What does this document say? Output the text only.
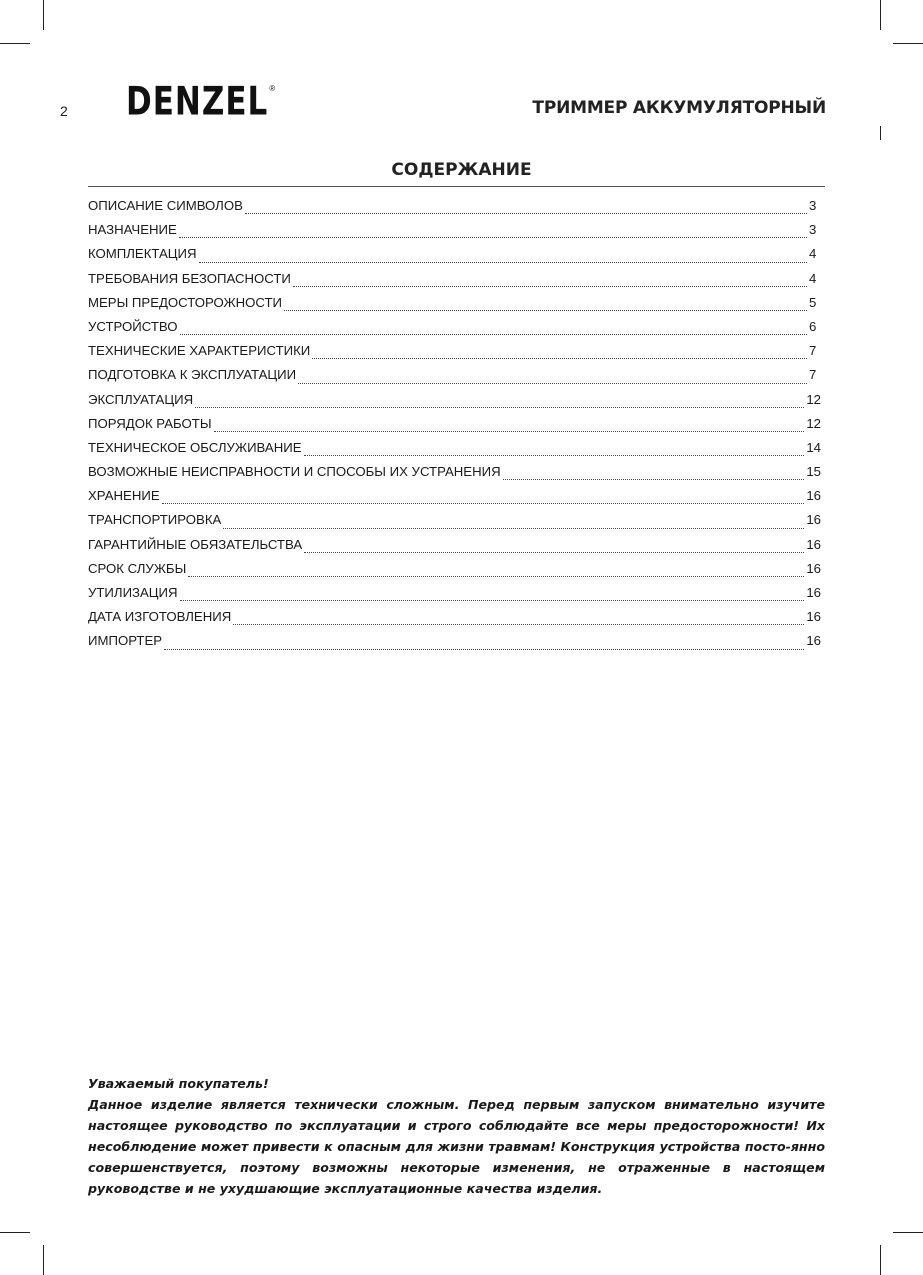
2 DENZEL ®
ТРИММЕР АККУМУЛЯТОРНЫЙ
СОДЕРЖАНИЕ
ОПИСАНИЕ СИМВОЛОВ	3
НАЗНАЧЕНИЕ	3
КОМПЛЕКТАЦИЯ	4
ТРЕБОВАНИЯ БЕЗОПАСНОСТИ	4
МЕРЫ ПРЕДОСТОРОЖНОСТИ	5
УСТРОЙСТВО	6
ТЕХНИЧЕСКИЕ ХАРАКТЕРИСТИКИ	7
ПОДГОТОВКА К ЭКСПЛУАТАЦИИ	7
ЭКСПЛУАТАЦИЯ	12
ПОРЯДОК РАБОТЫ	12
ТЕХНИЧЕСКОЕ ОБСЛУЖИВАНИЕ	14
ВОЗМОЖНЫЕ НЕИСПРАВНОСТИ И СПОСОБЫ ИХ УСТРАНЕНИЯ	15
ХРАНЕНИЕ	16
ТРАНСПОРТИРОВКА	16
ГАРАНТИЙНЫЕ ОБЯЗАТЕЛЬСТВА	16
СРОК СЛУЖБЫ	16
УТИЛИЗАЦИЯ	16
ДАТА ИЗГОТОВЛЕНИЯ	16
ИМПОРТЕР	16
Уважаемый покупатель!
Данное изделие является технически сложным. Перед первым запуском внимательно изучите настоящее руководство по эксплуатации и строго соблюдайте все меры предосторожности! Их несоблюдение может привести к опасным для жизни травмам! Конструкция устройства посто-янно совершенствуется, поэтому возможны некоторые изменения, не отраженные в настоящем руководстве и не ухудшающие эксплуатационные качества изделия.
